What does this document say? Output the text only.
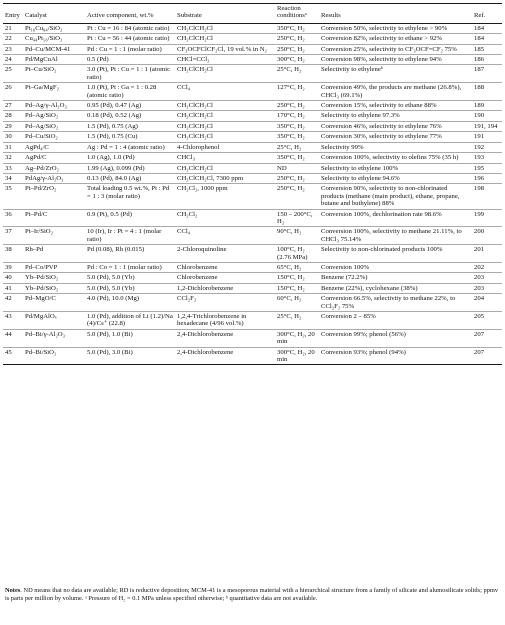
Entry	Catalyst	Active component, wt.%	Substrate	Reaction conditionsᵃ	Results	Ref.
21	Pt₁₆Cu₈₄/SiO₂	Pt : Cu = 16 : 84 (atomic ratio)	CH₂ClCH₂Cl	350°C, H₂	Conversion 50%, selectivity to ethylene > 90%	184
22	Cu₄₄Pt₅₆/SiO₂	Pt : Cu = 56 : 44 (atomic ratio)	CH₂ClCH₂Cl	250°C, H₂	Conversion 82%, selectivity to ethane > 92%	184
23	Pd–Cu/MCM-41	Pd : Cu = 1 : 1 (molar ratio)	CF₃OCFClCF₂Cl, 19 vol.% in N₂	250°C, H₂	Conversion 25%, selectivity to CF₃OCF=CF₂ 75%	185
24	Pd/MgCuAl	0.5 (Pd)	CHCl=CCl₂	300°C, H₂	Conversion 98%, selectivity to ethylene 94%	186
25	Pt–Cu/SiO₂	3.0 (Pt), Pt : Cu = 1 : 1 (atomic ratio)	CH₂ClCH₂Cl	25°C, H₂	Selectivity to ethyleneᵇ	187
26	Pt–Ga/MgF₂	1.0 (Pt), Pt : Ga = 1 : 0.28 (atomic ratio)	CCl₄	127°C, H₂	Conversion 49%, the products are methane (26.8%), CHCl₃ (69.1%)	188
27	Pd–Ag/γ-Al₂O₃	0.95 (Pd), 0.47 (Ag)	CH₂ClCH₂Cl	250°C, H₂	Conversion 15%, selectivity to ethane 88%	189
28	Pd–Ag/SiO₂	0.18 (Pd), 0.52 (Ag)	CH₂ClCH₂Cl	170°C, H₂	Selectivity to ethylene 97.3%	190
29	Pd–Ag/SiO₂	1.5 (Pd), 0.75 (Ag)	CH₂ClCH₂Cl	350°C, H₂	Conversion 46%, selectivity to ethylene 76%	191, 194
30	Pd–Cu/SiO₂	1.5 (Pd), 0.75 (Cu)	CH₂ClCH₂Cl	350°C, H₂	Conversion 30%, selectivity to ethylene 77%	191
31	AgPd₄/C	Ag : Pd = 1 : 4 (atomic ratio)	4-Chlorophenol	25°C, H₂	Selectivity 99%	192
32	AgPd/C	1.0 (Ag), 1.0 (Pd)	CHCl₃	350°C, H₂	Conversion 100%, selectivity to olefins 75% (35 h)	193
33	Ag–Pd/ZrO₂	1.99 (Ag), 0.099 (Pd)	CH₂ClCH₂Cl	ND	Selectivity to ethylene 100%	195
34	PdAg/γ-Al₂O₃	0.13 (Pd), 84.0 (Ag)	CH₂ClCH₂Cl, 7300 ppm	250°C, H₂	Selectivity to ethylene 94.6%	196
35	Pt–Pd/ZrO₂	Total loading 0.5 wt.%, Pt : Pd = 1 : 3 (molar ratio)	CH₂Cl₂, 1000 ppm	250°C, H₂	Conversion 90%, selectivity to non-chlorinated products (methane (main product), ethane, propane, butane and buthylene) 88%	198
36	Pt–Pd/C	0.9 (Pt), 0.5 (Pd)	CH₂Cl₂	150 – 200°C, H₂	Conversion 100%, dechlorination rate 98.6%	199
37	Pt–Ir/SiO₂	10 (Ir), Ir : Pt = 4 : 1 (molar ratio)	CCl₄	90°C, H₂	Conversion 100%, selectivity to methane 21.11%, to CHCl₃ 75.14%	200
38	Rh–Pd	Pd (0.08), Rh (0.015)	2-Chloroquinoline	100°C, H₂ (2.76 MPa)	Selectivity to non-chlorinated products 100%	201
39	Pd–Co/PVP	Pd : Co = 1 : 1 (molar ratio)	Chlorobenzene	65°C, H₂	Conversion 100%	202
40	Yb–Pd/SiO₂	5.0 (Pd), 5.0 (Yb)	Chlorobenzene	150°C, H₂	Benzene (72.2%)	203
41	Yb–Pd/SiO₂	5.0 (Pd), 5.0 (Yb)	1,2-Dichlorobenzene	150°C, H₂	Benzene (22%), cyclohexane (38%)	203
42	Pd–MgO/C	4.0 (Pd), 10.0 (Mg)	CCl₂F₂	60°C, H₂	Conversion 66.5%, selectivity to methane 22%, to CCl₂F₂ 75%	204
43	Pd/MgAlOₓ	1.0 (Pd), addition of Li (1.2)/Na (4)/Cs⁺ (22.8)	1,2,4-Trichlorobenzene in hexadecane (4/96 vol.%)	25°C, H₂	Conversion 2 – 85%	205
44	Pd–Bi/γ-Al₂O₃	5.0 (Pd), 1.0 (Bi)	2,4-Dichlorobenzene	300°C, H₂, 20 min	Conversion 99%; phenol (56%)	207
45	Pd–Bi/SiO₂	5.0 (Pd), 3.0 (Bi)	2,4-Dichlorobenzene	300°C, H₂, 20 min	Conversion 93%; phenol (94%)	207
Notes. ND means that no data are available; RD is reductive deposition; MCM-41 is a mesoporous material with a hierarchical structure from a family of silicate and alumosilicate solids; ppmv is parts per million by volume. ᵃ Pressure of H₂ = 0.1 MPa unless specified otherwise; ᵇ quantitative data are not available.
